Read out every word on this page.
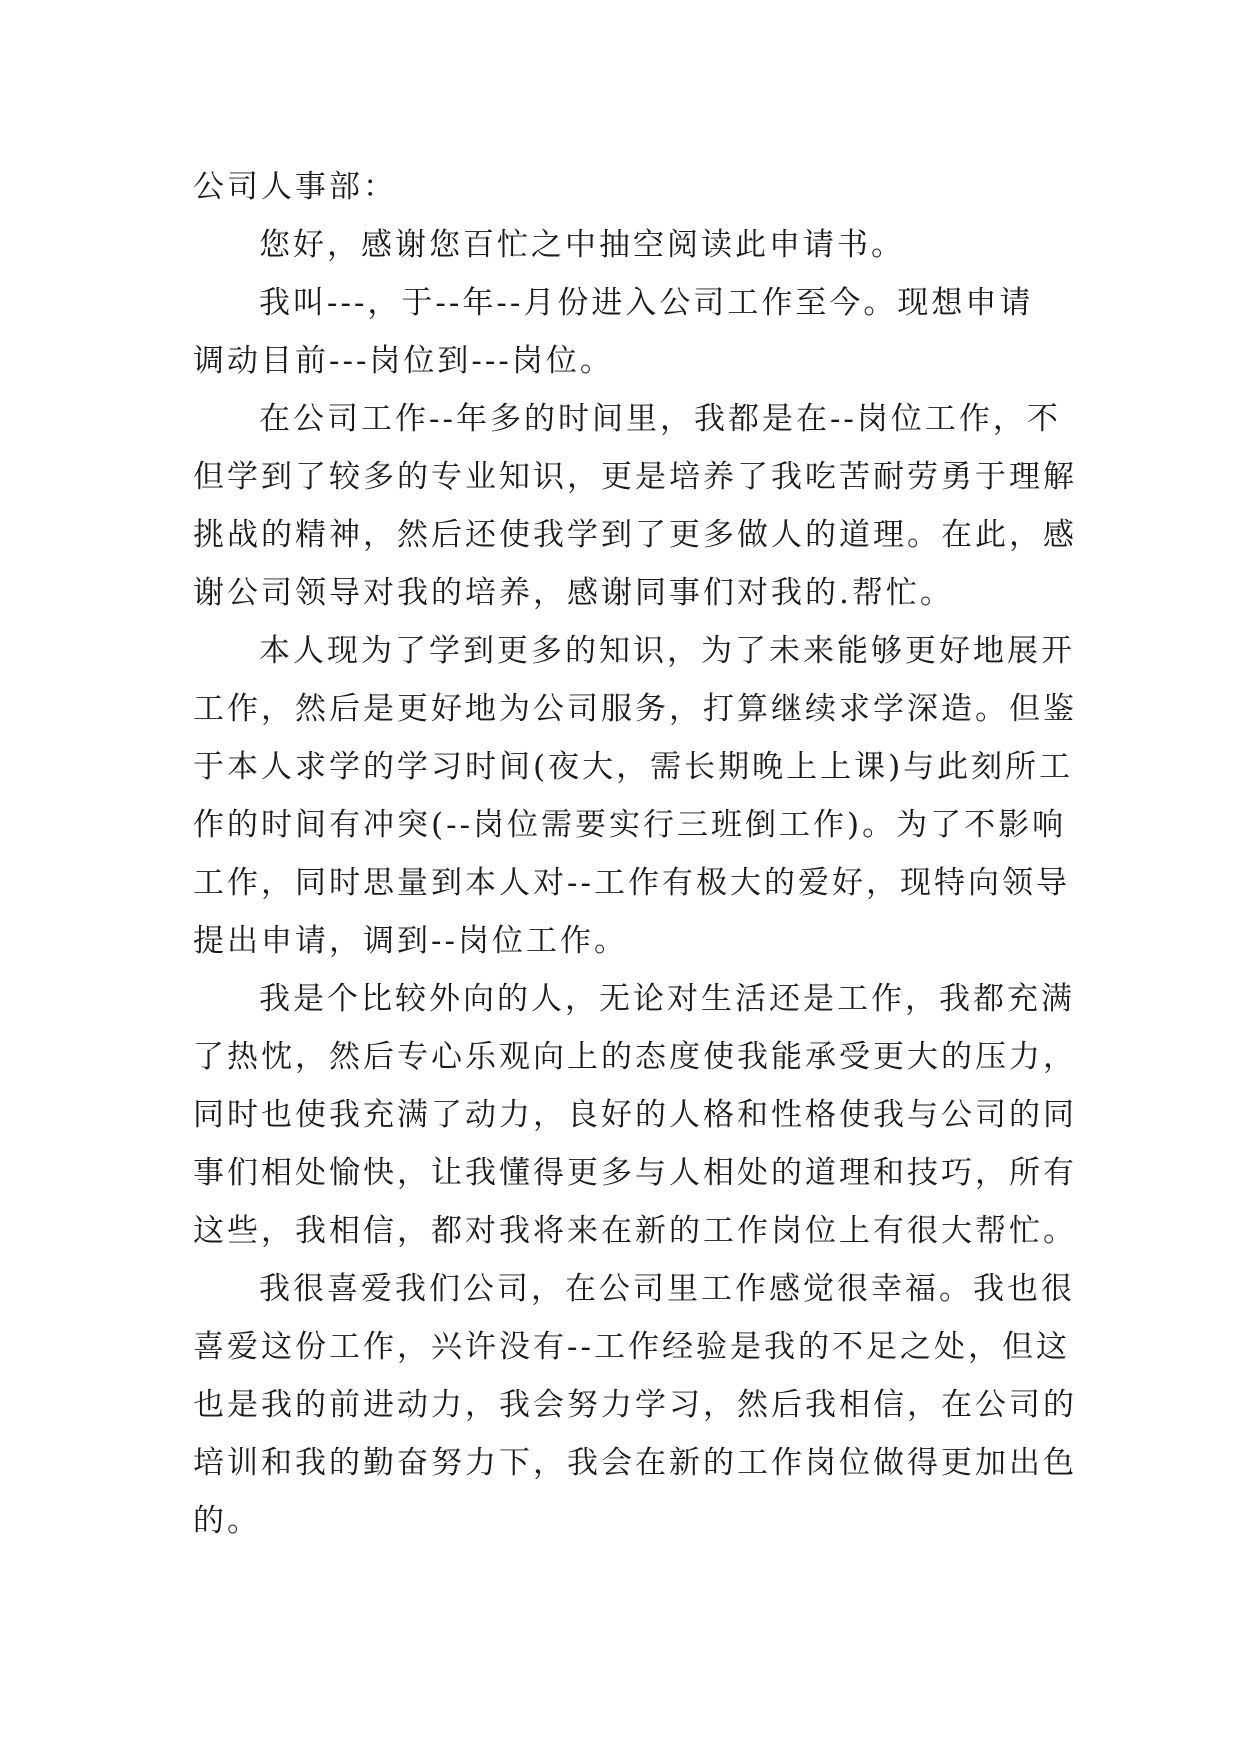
公司人事部：
您好，感谢您百忙之中抽空阅读此申请书。
我叫---，于--年--月份进入公司工作至今。现想申请
调动目前---岗位到---岗位。
在公司工作--年多的时间里，我都是在--岗位工作，不
但学到了较多的专业知识，更是培养了我吃苦耐劳勇于理解
挑战的精神，然后还使我学到了更多做人的道理。在此，感
谢公司领导对我的培养，感谢同事们对我的.帮忙。
本人现为了学到更多的知识，为了未来能够更好地展开
工作，然后是更好地为公司服务，打算继续求学深造。但鉴
于本人求学的学习时间(夜大，需长期晚上上课)与此刻所工
作的时间有冲突(--岗位需要实行三班倒工作)。为了不影响
工作，同时思量到本人对--工作有极大的爱好，现特向领导
提出申请，调到--岗位工作。
我是个比较外向的人，无论对生活还是工作，我都充满
了热忱，然后专心乐观向上的态度使我能承受更大的压力，
同时也使我充满了动力，良好的人格和性格使我与公司的同
事们相处愉快，让我懂得更多与人相处的道理和技巧，所有
这些，我相信，都对我将来在新的工作岗位上有很大帮忙。
我很喜爱我们公司，在公司里工作感觉很幸福。我也很
喜爱这份工作，兴许没有--工作经验是我的不足之处，但这
也是我的前进动力，我会努力学习，然后我相信，在公司的
培训和我的勤奋努力下，我会在新的工作岗位做得更加出色
的。
